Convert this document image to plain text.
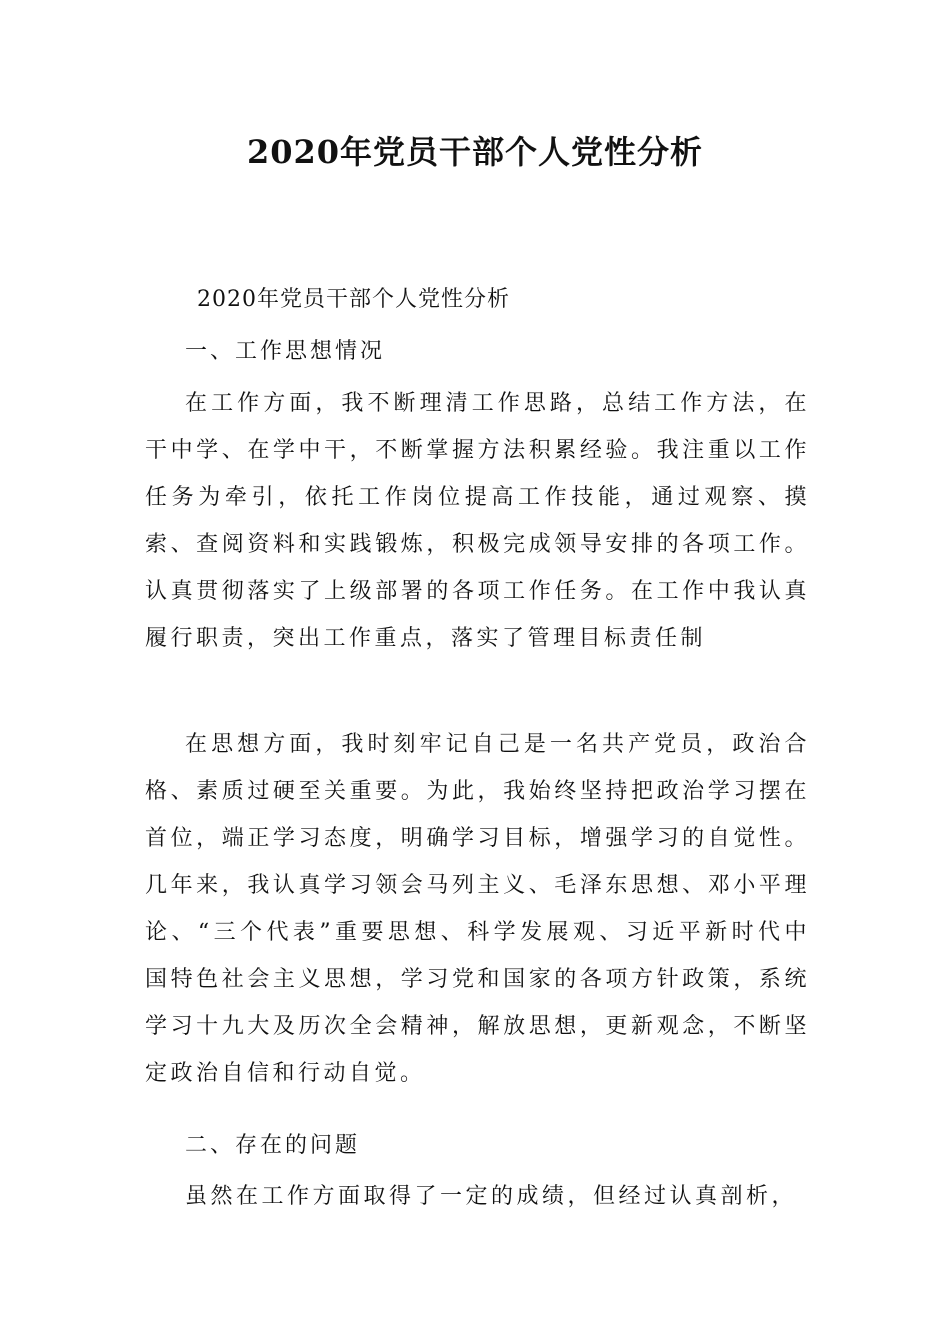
2020年党员干部个人党性分析

2020年党员干部个人党性分析

一、工作思想情况

在工作方面，我不断理清工作思路，总结工作方法，在干中学、在学中干，不断掌握方法积累经验。我注重以工作任务为牵引，依托工作岗位提高工作技能，通过观察、摸索、查阅资料和实践锻炼，积极完成领导安排的各项工作。认真贯彻落实了上级部署的各项工作任务。在工作中我认真履行职责，突出工作重点，落实了管理目标责任制

在思想方面，我时刻牢记自己是一名共产党员，政治合格、素质过硬至关重要。为此，我始终坚持把政治学习摆在首位，端正学习态度，明确学习目标，增强学习的自觉性。几年来，我认真学习领会马列主义、毛泽东思想、邓小平理论、“三个代表”重要思想、科学发展观、习近平新时代中国特色社会主义思想，学习党和国家的各项方针政策，系统学习十九大及历次全会精神，解放思想，更新观念，不断坚定政治自信和行动自觉。

二、存在的问题

虽然在工作方面取得了一定的成绩，但经过认真剖析，
